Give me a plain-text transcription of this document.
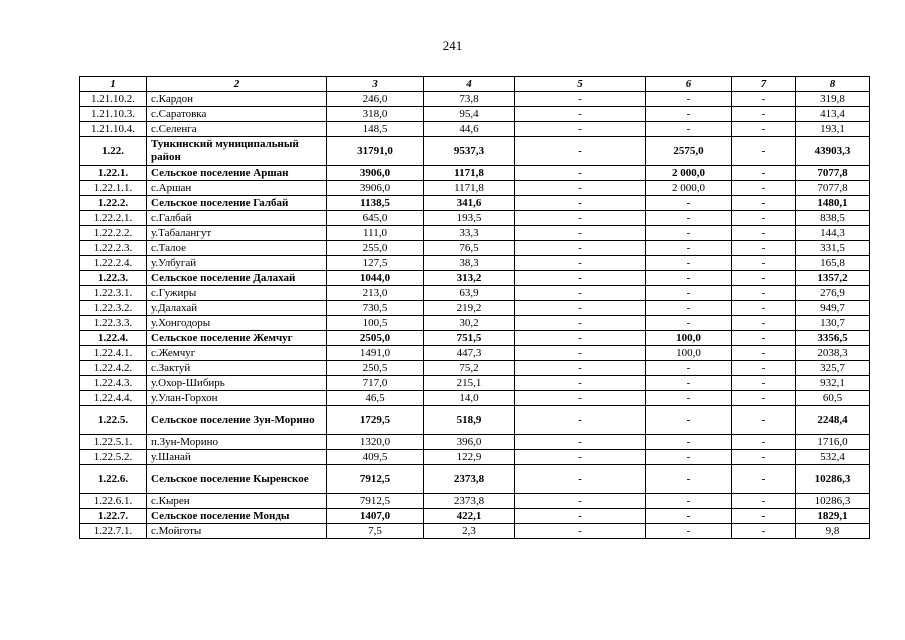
241
1	2	3	4	5	6	7	8
1.21.10.2.	с.Кардон	246,0	73,8	-	-	-	319,8
1.21.10.3.	с.Саратовка	318,0	95,4	-	-	-	413,4
1.21.10.4.	с.Селенга	148,5	44,6	-	-	-	193,1
1.22.	Тункинский муниципальный район	31791,0	9537,3	-	2575,0	-	43903,3
1.22.1.	Сельское поселение Аршан	3906,0	1171,8	-	2 000,0	-	7077,8
1.22.1.1.	с.Аршан	3906,0	1171,8	-	2 000,0	-	7077,8
1.22.2.	Сельское поселение Галбай	1138,5	341,6	-	-	-	1480,1
1.22.2.1.	с.Галбай	645,0	193,5	-	-	-	838,5
1.22.2.2.	у.Табалангут	111,0	33,3	-	-	-	144,3
1.22.2.3.	с.Талое	255,0	76,5	-	-	-	331,5
1.22.2.4.	у.Улбугай	127,5	38,3	-	-	-	165,8
1.22.3.	Сельское поселение Далахай	1044,0	313,2	-	-	-	1357,2
1.22.3.1.	с.Гужиры	213,0	63,9	-	-	-	276,9
1.22.3.2.	у.Далахай	730,5	219,2	-	-	-	949,7
1.22.3.3.	у.Хонгодоры	100,5	30,2	-	-	-	130,7
1.22.4.	Сельское поселение Жемчуг	2505,0	751,5	-	100,0	-	3356,5
1.22.4.1.	с.Жемчуг	1491,0	447,3	-	100,0	-	2038,3
1.22.4.2.	с.Зактуй	250,5	75,2	-	-	-	325,7
1.22.4.3.	у.Охор-Шибирь	717,0	215,1	-	-	-	932,1
1.22.4.4.	у.Улан-Горхон	46,5	14,0	-	-	-	60,5
1.22.5.	Сельское поселение Зун-Морино	1729,5	518,9	-	-	-	2248,4
1.22.5.1.	п.Зун-Морино	1320,0	396,0	-	-	-	1716,0
1.22.5.2.	у.Шанай	409,5	122,9	-	-	-	532,4
1.22.6.	Сельское поселение Кыренское	7912,5	2373,8	-	-	-	10286,3
1.22.6.1.	с.Кырен	7912,5	2373,8	-	-	-	10286,3
1.22.7.	Сельское поселение Монды	1407,0	422,1	-	-	-	1829,1
1.22.7.1.	с.Мойготы	7,5	2,3	-	-	-	9,8
